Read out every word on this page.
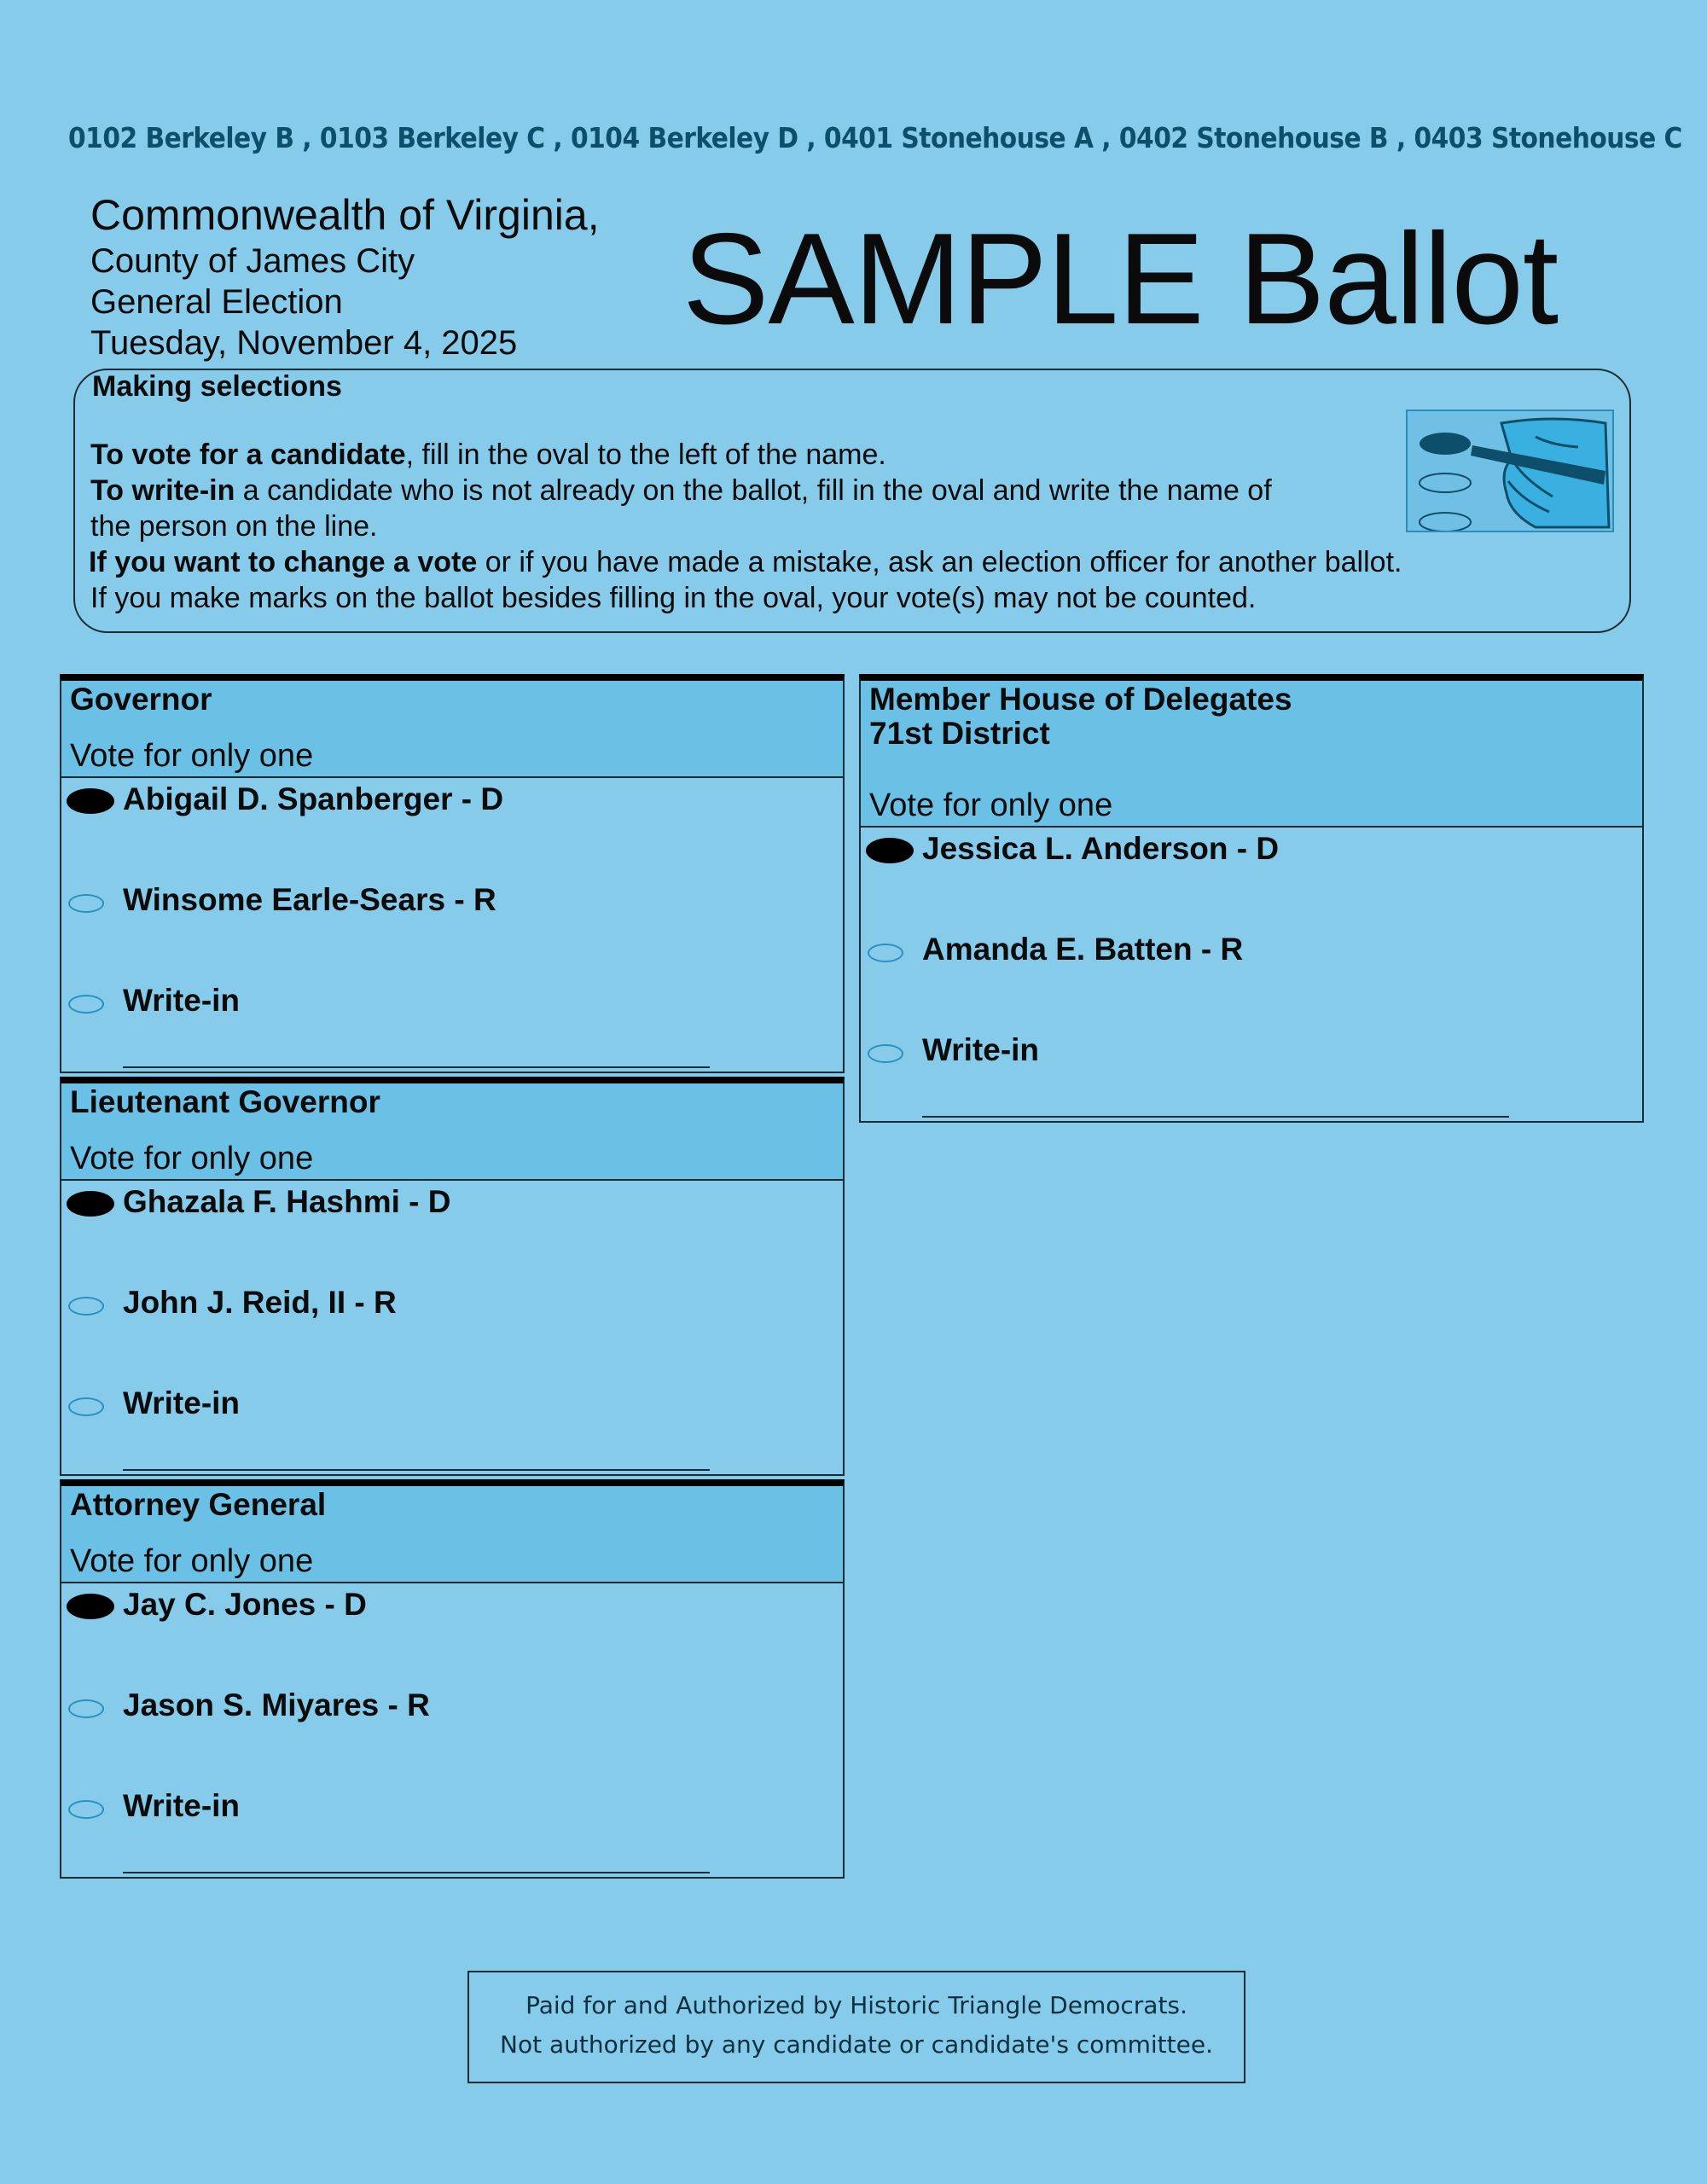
0102 Berkeley B , 0103 Berkeley C , 0104 Berkeley D , 0401 Stonehouse A , 0402 Stonehouse B , 0403 Stonehouse C
Commonwealth of Virginia,
County of James City
General Election
Tuesday, November 4, 2025	SAMPLE Ballot
Making selections
To vote for a candidate, fill in the oval to the left of the name.
To write-in a candidate who is not already on the ballot, fill in the oval and write the name of
the person on the line.
If you want to change a vote or if you have made a mistake, ask an election officer for another ballot.
If you make marks on the ballot besides filling in the oval, your vote(s) may not be counted.
Governor
Vote for only one
Abigail D. Spanberger - D
Winsome Earle-Sears - R
Write-in
Lieutenant Governor
Vote for only one
Ghazala F. Hashmi - D
John J. Reid, II - R
Write-in
Attorney General
Vote for only one
Jay C. Jones - D
Jason S. Miyares - R
Write-in
Member House of Delegates
71st District
Vote for only one
Jessica L. Anderson - D
Amanda E. Batten - R
Write-in
Paid for and Authorized by Historic Triangle Democrats.
Not authorized by any candidate or candidate's committee.
